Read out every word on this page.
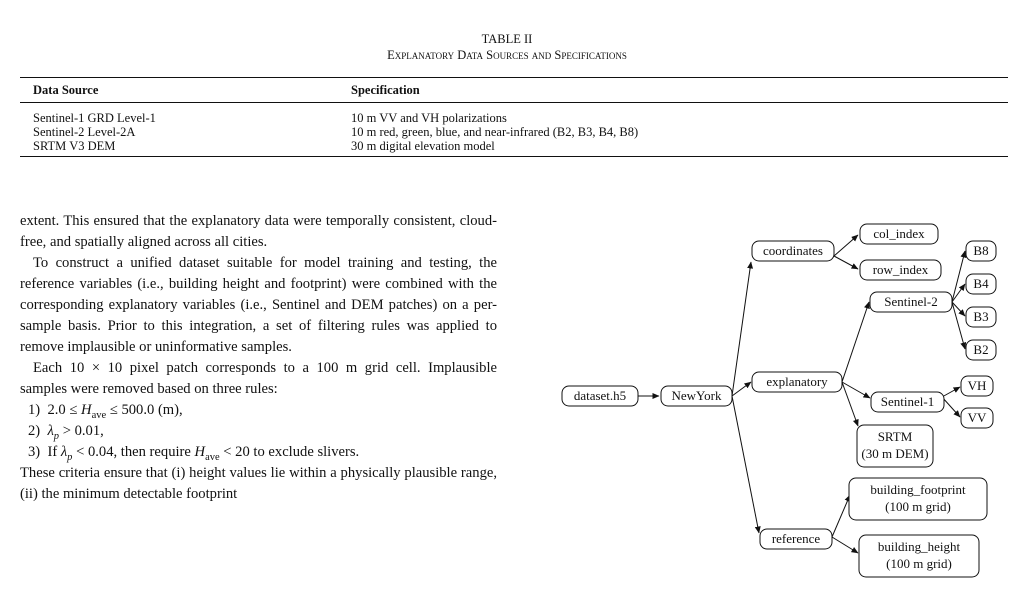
TABLE II
Explanatory Data Sources and Specifications
Data Source	Specification
Sentinel-1 GRD Level-1	10 m VV and VH polarizations
Sentinel-2 Level-2A	10 m red, green, blue, and near-infrared (B2, B3, B4, B8)
SRTM V3 DEM	30 m digital elevation model

extent. This ensured that the explanatory data were temporally consistent, cloud-free, and spatially aligned across all cities.

To construct a unified dataset suitable for model training and testing, the reference variables (i.e., building height and footprint) were combined with the corresponding explanatory variables (i.e., Sentinel and DEM patches) on a per-sample basis. Prior to this integration, a set of filtering rules was applied to remove implausible or uninformative samples.

Each 10 × 10 pixel patch corresponds to a 100 m grid cell. Implausible samples were removed based on three rules:

1) $2.0 \le H_{ave} \le 500.0$ (m),
2) $\lambda_p > 0.01$,
3) If $\lambda_p < 0.04$, then require $H_{ave} < 20$ to exclude slivers.

These criteria ensure that (i) height values lie within a physically plausible range, (ii) the minimum detectable footprint

dataset.h5	NewYork
coordinates
col_index
row_index
explanatory
Sentinel-2
B8
B4
B3
B2
Sentinel-1
VH
VV
SRTM
(30 m DEM)
reference
building_footprint
(100 m grid)
building_height
(100 m grid)
